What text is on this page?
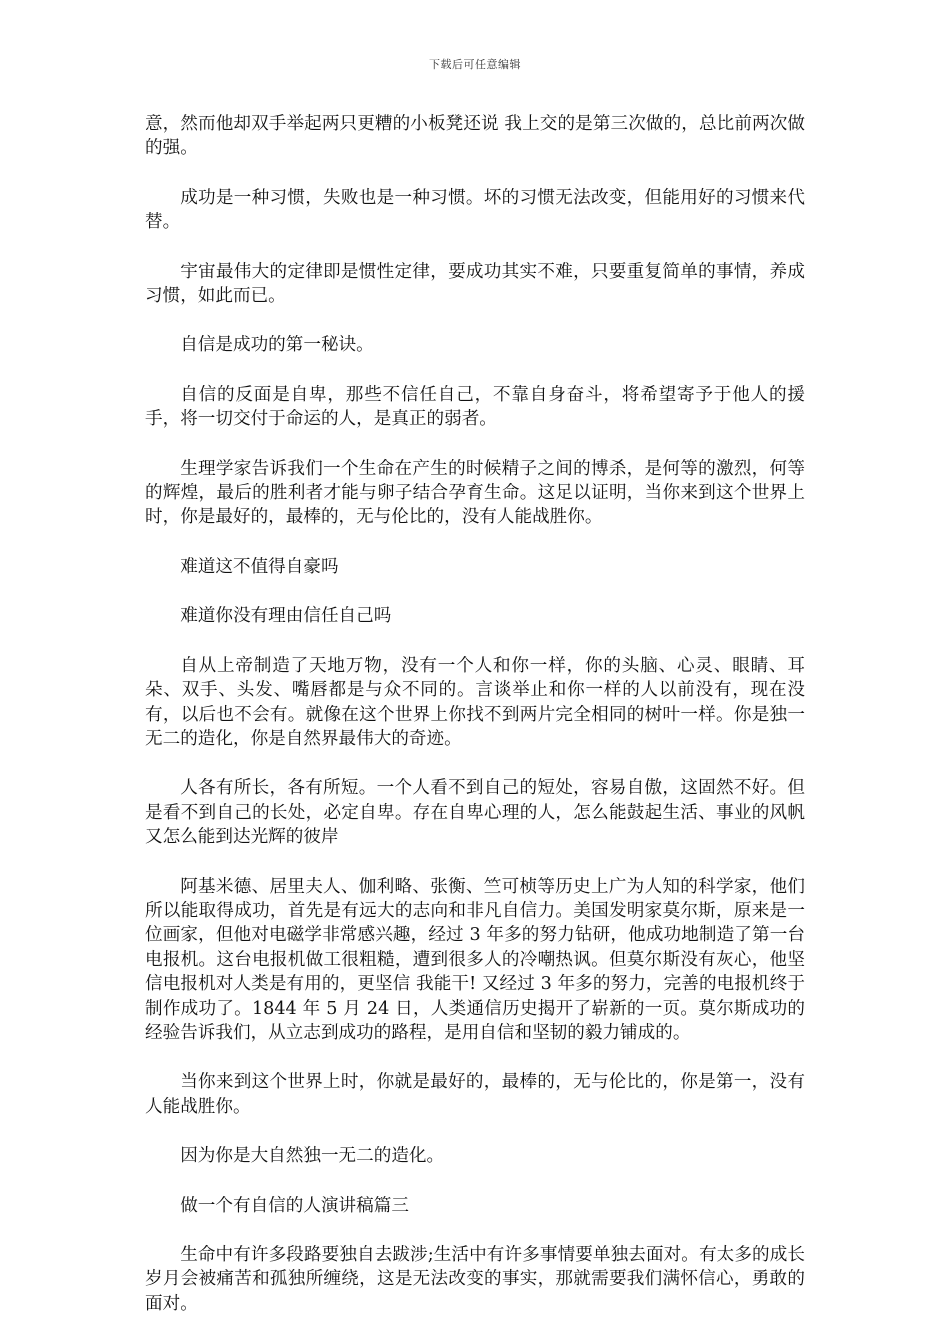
下载后可任意编辑

意，然而他却双手举起两只更糟的小板凳还说 我上交的是第三次做的，总比前两次做的强。

成功是一种习惯，失败也是一种习惯。坏的习惯无法改变，但能用好的习惯来代替。

宇宙最伟大的定律即是惯性定律，要成功其实不难，只要重复简单的事情，养成习惯，如此而已。

自信是成功的第一秘诀。

自信的反面是自卑，那些不信任自己，不靠自身奋斗，将希望寄予于他人的援手，将一切交付于命运的人，是真正的弱者。

生理学家告诉我们一个生命在产生的时候精子之间的博杀，是何等的激烈，何等的辉煌，最后的胜利者才能与卵子结合孕育生命。这足以证明，当你来到这个世界上时，你是最好的，最棒的，无与伦比的，没有人能战胜你。

难道这不值得自豪吗

难道你没有理由信任自己吗

自从上帝制造了天地万物，没有一个人和你一样，你的头脑、心灵、眼睛、耳朵、双手、头发、嘴唇都是与众不同的。言谈举止和你一样的人以前没有，现在没有，以后也不会有。就像在这个世界上你找不到两片完全相同的树叶一样。你是独一无二的造化，你是自然界最伟大的奇迹。

人各有所长，各有所短。一个人看不到自己的短处，容易自傲，这固然不好。但是看不到自己的长处，必定自卑。存在自卑心理的人，怎么能鼓起生活、事业的风帆又怎么能到达光辉的彼岸

阿基米德、居里夫人、伽利略、张衡、竺可桢等历史上广为人知的科学家，他们所以能取得成功，首先是有远大的志向和非凡自信力。美国发明家莫尔斯，原来是一位画家，但他对电磁学非常感兴趣，经过 3 年多的努力钻研，他成功地制造了第一台电报机。这台电报机做工很粗糙，遭到很多人的冷嘲热讽。但莫尔斯没有灰心，他坚信电报机对人类是有用的，更坚信 我能干! 又经过 3 年多的努力，完善的电报机终于制作成功了。1844 年 5 月 24 日，人类通信历史揭开了崭新的一页。莫尔斯成功的经验告诉我们，从立志到成功的路程，是用自信和坚韧的毅力铺成的。

当你来到这个世界上时，你就是最好的，最棒的，无与伦比的，你是第一，没有人能战胜你。

因为你是大自然独一无二的造化。

做一个有自信的人演讲稿篇三

生命中有许多段路要独自去跋涉;生活中有许多事情要单独去面对。有太多的成长岁月会被痛苦和孤独所缠绕，这是无法改变的事实，那就需要我们满怀信心，勇敢的面对。
